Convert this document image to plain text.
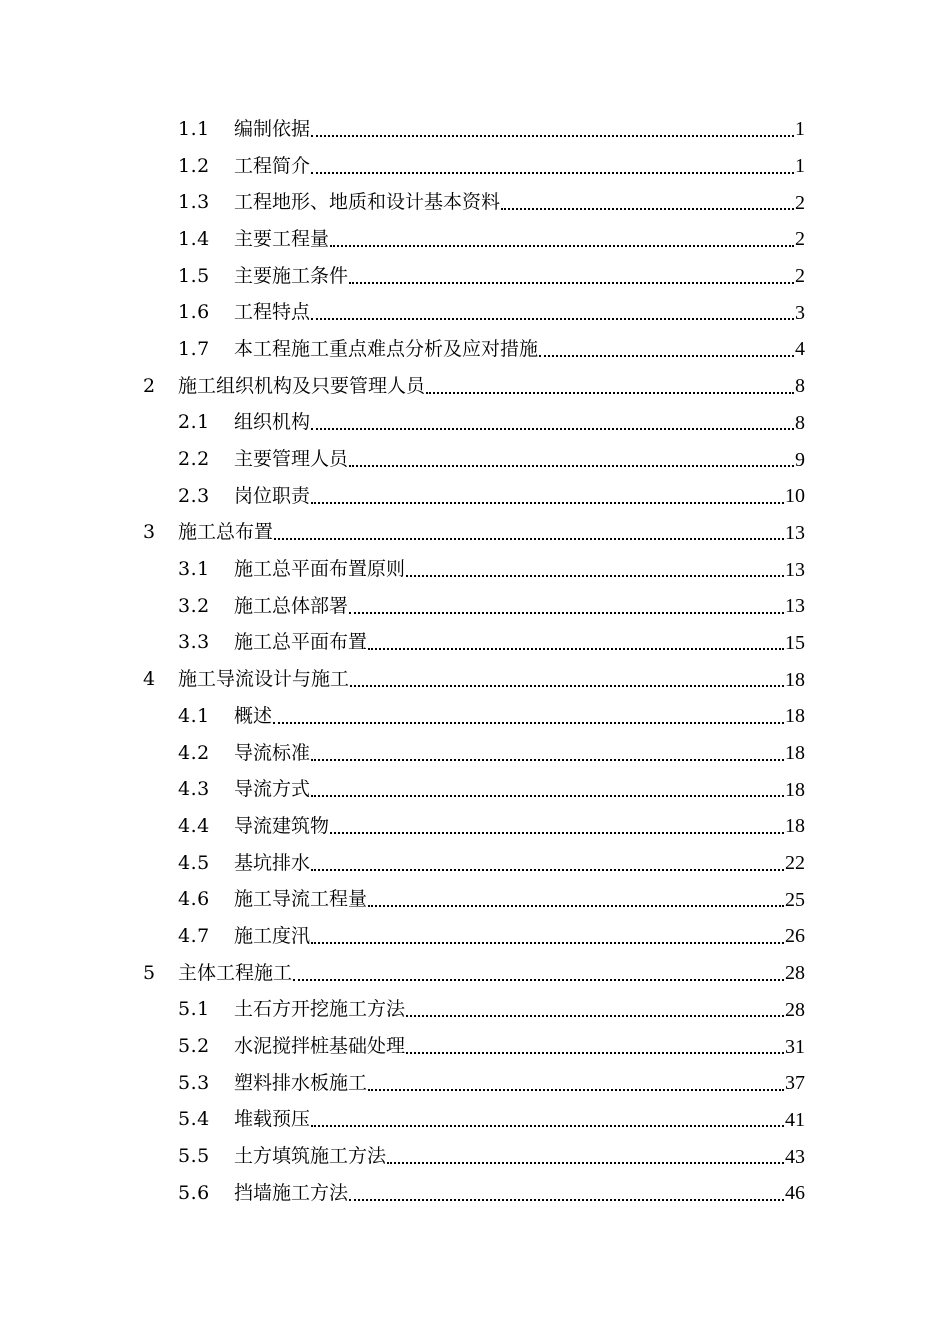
1.1	编制依据	1
1.2	工程简介	1
1.3	工程地形、地质和设计基本资料	2
1.4	主要工程量	2
1.5	主要施工条件	2
1.6	工程特点	3
1.7	本工程施工重点难点分析及应对措施	4
2	施工组织机构及只要管理人员	8
2.1	组织机构	8
2.2	主要管理人员	9
2.3	岗位职责	10
3	施工总布置	13
3.1	施工总平面布置原则	13
3.2	施工总体部署	13
3.3	施工总平面布置	15
4	施工导流设计与施工	18
4.1	概述	18
4.2	导流标准	18
4.3	导流方式	18
4.4	导流建筑物	18
4.5	基坑排水	22
4.6	施工导流工程量	25
4.7	施工度汛	26
5	主体工程施工	28
5.1	土石方开挖施工方法	28
5.2	水泥搅拌桩基础处理	31
5.3	塑料排水板施工	37
5.4	堆载预压	41
5.5	土方填筑施工方法	43
5.6	挡墙施工方法	46
